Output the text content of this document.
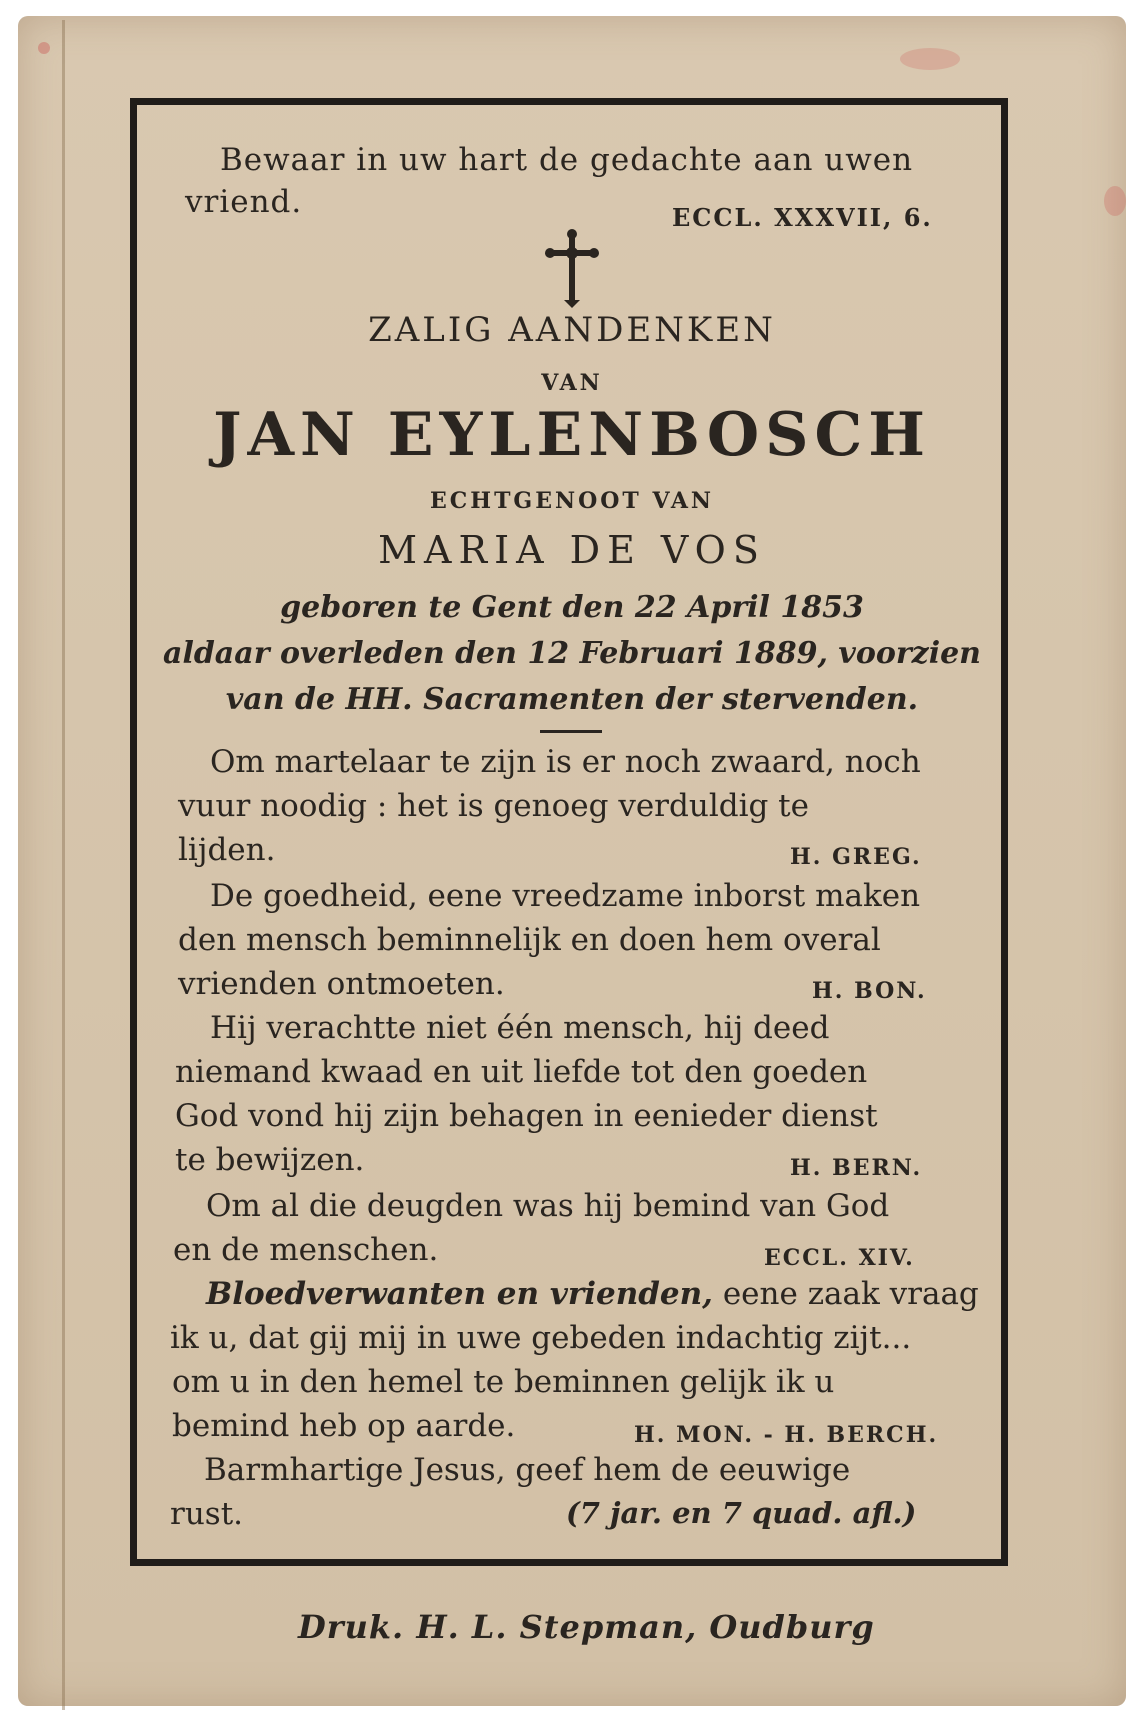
Bewaar in uw hart de gedachte aan uwen
vriend.	ECCL. XXXVII, 6.
ZALIG AANDENKEN
VAN
JAN EYLENBOSCH
ECHTGENOOT VAN
MARIA DE VOS
geboren te Gent den 22 April 1853
aldaar overleden den 12 Februari 1889, voorzien
van de HH. Sacramenten der stervenden.
Om martelaar te zijn is er noch zwaard, noch
vuur noodig : het is genoeg verduldig te
lijden.	H. GREG.
De goedheid, eene vreedzame inborst maken
den mensch beminnelijk en doen hem overal
vrienden ontmoeten.	H. BON.
Hij verachtte niet één mensch, hij deed
niemand kwaad en uit liefde tot den goeden
God vond hij zijn behagen in eenieder dienst
te bewijzen.	H. BERN.
Om al die deugden was hij bemind van God
en de menschen.	ECCL. XIV.
Bloedverwanten en vrienden, eene zaak vraag
ik u, dat gij mij in uwe gebeden indachtig zijt...
om u in den hemel te beminnen gelijk ik u
bemind heb op aarde.	H. MON. - H. BERCH.
Barmhartige Jesus, geef hem de eeuwige
rust.	(7 jar. en 7 quad. afl.)
Druk. H. L. Stepman, Oudburg
